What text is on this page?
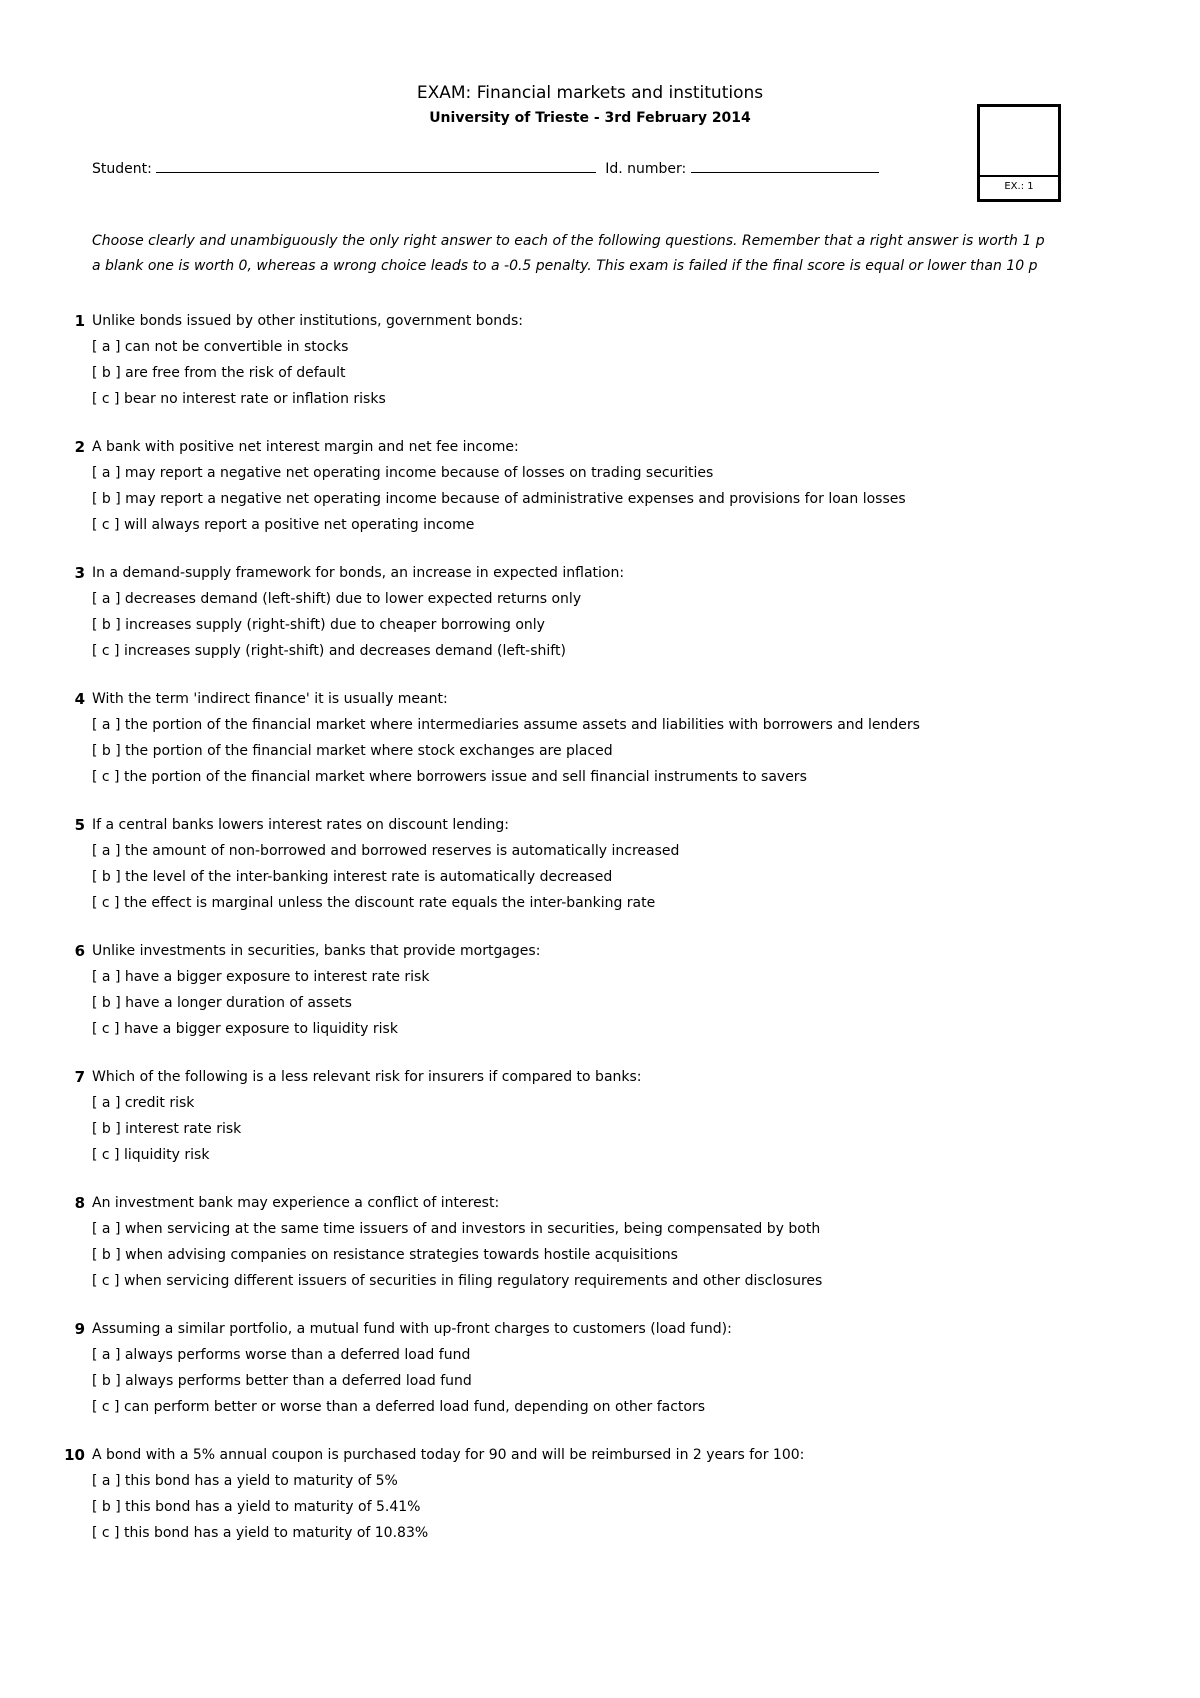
EXAM: Financial markets and institutions
University of Trieste - 3rd February 2014
Student:	Id. number:
EX.: 1
Choose clearly and unambiguously the only right answer to each of the following questions. Remember that a right answer is worth 1 p
a blank one is worth 0, whereas a wrong choice leads to a -0.5 penalty. This exam is failed if the final score is equal or lower than 10 p
1 Unlike bonds issued by other institutions, government bonds:
[ a ] can not be convertible in stocks
[ b ] are free from the risk of default
[ c ] bear no interest rate or inflation risks
2 A bank with positive net interest margin and net fee income:
[ a ] may report a negative net operating income because of losses on trading securities
[ b ] may report a negative net operating income because of administrative expenses and provisions for loan losses
[ c ] will always report a positive net operating income
3 In a demand-supply framework for bonds, an increase in expected inflation:
[ a ] decreases demand (left-shift) due to lower expected returns only
[ b ] increases supply (right-shift) due to cheaper borrowing only
[ c ] increases supply (right-shift) and decreases demand (left-shift)
4 With the term 'indirect finance' it is usually meant:
[ a ] the portion of the financial market where intermediaries assume assets and liabilities with borrowers and lenders
[ b ] the portion of the financial market where stock exchanges are placed
[ c ] the portion of the financial market where borrowers issue and sell financial instruments to savers
5 If a central banks lowers interest rates on discount lending:
[ a ] the amount of non-borrowed and borrowed reserves is automatically increased
[ b ] the level of the inter-banking interest rate is automatically decreased
[ c ] the effect is marginal unless the discount rate equals the inter-banking rate
6 Unlike investments in securities, banks that provide mortgages:
[ a ] have a bigger exposure to interest rate risk
[ b ] have a longer duration of assets
[ c ] have a bigger exposure to liquidity risk
7 Which of the following is a less relevant risk for insurers if compared to banks:
[ a ] credit risk
[ b ] interest rate risk
[ c ] liquidity risk
8 An investment bank may experience a conflict of interest:
[ a ] when servicing at the same time issuers of and investors in securities, being compensated by both
[ b ] when advising companies on resistance strategies towards hostile acquisitions
[ c ] when servicing different issuers of securities in filing regulatory requirements and other disclosures
9 Assuming a similar portfolio, a mutual fund with up-front charges to customers (load fund):
[ a ] always performs worse than a deferred load fund
[ b ] always performs better than a deferred load fund
[ c ] can perform better or worse than a deferred load fund, depending on other factors
10 A bond with a 5% annual coupon is purchased today for 90 and will be reimbursed in 2 years for 100:
[ a ] this bond has a yield to maturity of 5%
[ b ] this bond has a yield to maturity of 5.41%
[ c ] this bond has a yield to maturity of 10.83%
